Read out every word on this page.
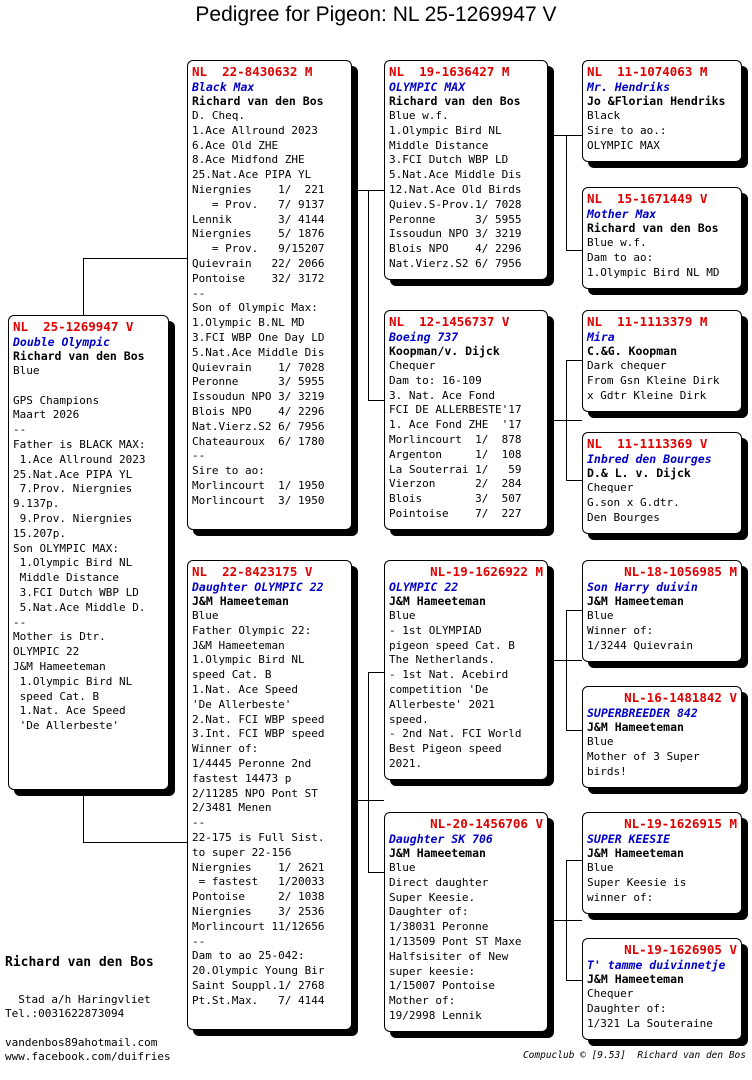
Pedigree for Pigeon: NL 25-1269947 V
NL  25-1269947 V
Double Olympic
Richard van den Bos
Blue
GPS Champions
Maart 2026
--
Father is BLACK MAX:
1.Ace Allround 2023
25.Nat.Ace PIPA YL
7.Prov. Niergnies
9.137p.
9.Prov. Niergnies
15.207p.
Son OLYMPIC MAX:
1.Olympic Bird NL
Middle Distance
3.FCI Dutch WBP LD
5.Nat.Ace Middle D.
--
Mother is Dtr.
OLYMPIC 22
J&M Hameeteman
1.Olympic Bird NL
speed Cat. B
1.Nat. Ace Speed
'De Allerbeste'
NL  22-8430632 M
Black Max
Richard van den Bos
D. Cheq.
1.Ace Allround 2023
6.Ace Old ZHE
8.Ace Midfond ZHE
25.Nat.Ace PIPA YL
Niergnies    1/  221
= Prov.   7/ 9137
Lennik       3/ 4144
Niergnies    5/ 1876
= Prov.   9/15207
Quievrain   22/ 2066
Pontoise    32/ 3172
--
Son of Olympic Max:
1.Olympic B.NL MD
3.FCI WBP One Day LD
5.Nat.Ace Middle Dis
Quievrain    1/ 7028
Peronne      3/ 5955
Issoudun NPO 3/ 3219
Blois NPO    4/ 2296
Nat.Vierz.S2 6/ 7956
Chateauroux  6/ 1780
--
Sire to ao:
Morlincourt  1/ 1950
Morlincourt  3/ 1950
NL  22-8423175 V
Daughter OLYMPIC 22
J&M Hameeteman
Blue
Father Olympic 22:
J&M Hameeteman
1.Olympic Bird NL
speed Cat. B
1.Nat. Ace Speed
'De Allerbeste'
2.Nat. FCI WBP speed
3.Int. FCI WBP speed
Winner of:
1/4445 Peronne 2nd
fastest 14473 p
2/11285 NPO Pont ST
2/3481 Menen
--
22-175 is Full Sist.
to super 22-156
Niergnies    1/ 2621
= fastest   1/20033
Pontoise     2/ 1038
Niergnies    3/ 2536
Morlincourt 11/12656
--
Dam to ao 25-042:
20.Olympic Young Bir
Saint Souppl.1/ 2768
Pt.St.Max.   7/ 4144
NL  19-1636427 M
OLYMPIC MAX
Richard van den Bos
Blue w.f.
1.Olympic Bird NL
Middle Distance
3.FCI Dutch WBP LD
5.Nat.Ace Middle Dis
12.Nat.Ace Old Birds
Quiev.S-Prov.1/ 7028
Peronne      3/ 5955
Issoudun NPO 3/ 3219
Blois NPO    4/ 2296
Nat.Vierz.S2 6/ 7956
NL  12-1456737 V
Boeing 737
Koopman/v. Dijck
Chequer
Dam to: 16-109
3. Nat. Ace Fond
FCI DE ALLERBESTE'17
1. Ace Fond ZHE  '17
Morlincourt  1/  878
Argenton     1/  108
La Souterrai 1/   59
Vierzon      2/  284
Blois        3/  507
Pointoise    7/  227
NL-19-1626922 M
OLYMPIC 22
J&M Hameeteman
Blue
- 1st OLYMPIAD
pigeon speed Cat. B
The Netherlands.
- 1st Nat. Acebird
competition 'De
Allerbeste' 2021
speed.
- 2nd Nat. FCI World
Best Pigeon speed
2021.
NL-20-1456706 V
Daughter SK 706
J&M Hameeteman
Blue
Direct daughter
Super Keesie.
Daughter of:
1/38031 Peronne
1/13509 Pont ST Maxe
Halfsisiter of New
super keesie:
1/15007 Pontoise
Mother of:
19/2998 Lennik
NL  11-1074063 M
Mr. Hendriks
Jo &Florian Hendriks
Black
Sire to ao.:
OLYMPIC MAX
NL  15-1671449 V
Mother Max
Richard van den Bos
Blue w.f.
Dam to ao:
1.Olympic Bird NL MD
NL  11-1113379 M
Mira
C.&G. Koopman
Dark chequer
From Gsn Kleine Dirk
x Gdtr Kleine Dirk
NL  11-1113369 V
Inbred den Bourges
D.& L. v. Dijck
Chequer
G.son x G.dtr.
Den Bourges
NL-18-1056985 M
Son Harry duivin
J&M Hameeteman
Blue
Winner of:
1/3244 Quievrain
NL-16-1481842 V
SUPERBREEDER 842
J&M Hameeteman
Blue
Mother of 3 Super
birds!
NL-19-1626915 M
SUPER KEESIE
J&M Hameeteman
Blue
Super Keesie is
winner of:
NL-19-1626905 V
T' tamme duivinnetje
J&M Hameeteman
Chequer
Daughter of:
1/321 La Souteraine
Richard van den Bos
Stad a/h Haringvliet
Tel.:0031622873094
vandenbos89ahotmail.com
www.facebook.com/duifries	Compuclub © [9.53]  Richard van den Bos
